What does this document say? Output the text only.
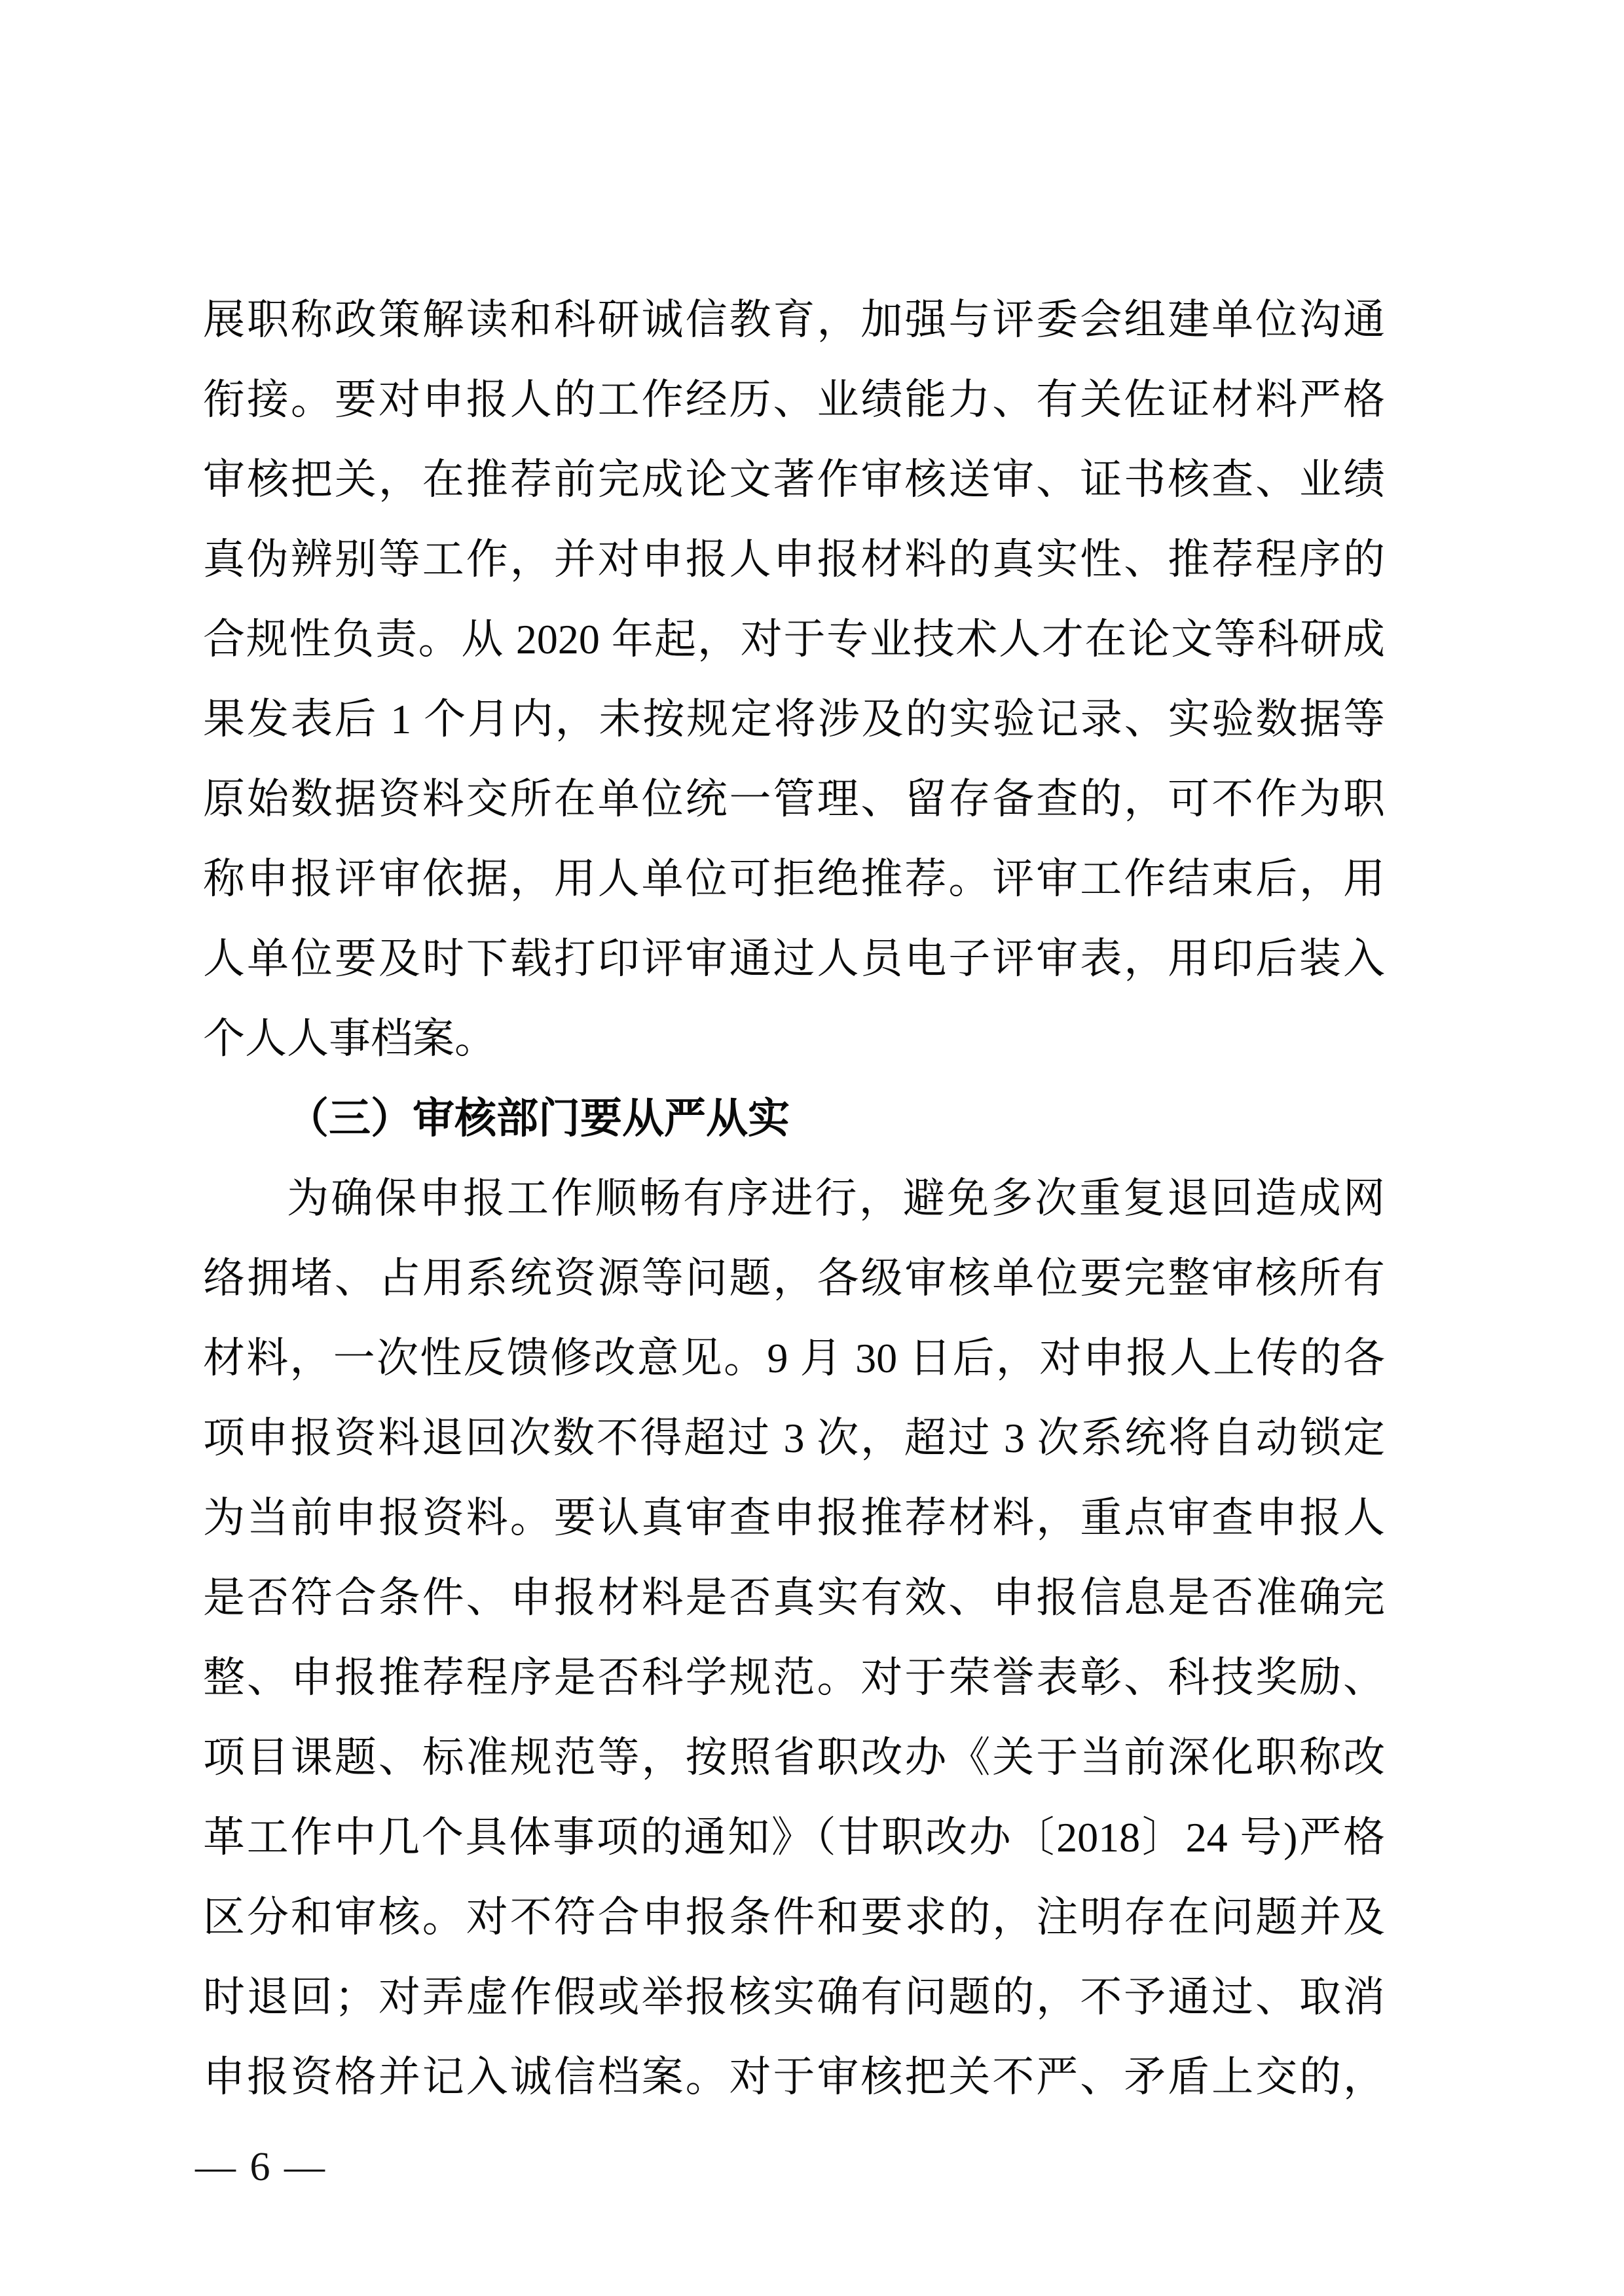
展职称政策解读和科研诚信教育，加强与评委会组建单位沟通
衔接。要对申报人的工作经历、业绩能力、有关佐证材料严格
审核把关，在推荐前完成论文著作审核送审、证书核查、业绩
真伪辨别等工作，并对申报人申报材料的真实性、推荐程序的
合规性负责。从 2020 年起，对于专业技术人才在论文等科研成
果发表后 1 个月内，未按规定将涉及的实验记录、实验数据等
原始数据资料交所在单位统一管理、留存备查的，可不作为职
称申报评审依据，用人单位可拒绝推荐。评审工作结束后，用
人单位要及时下载打印评审通过人员电子评审表，用印后装入
个人人事档案。
（三）审核部门要从严从实
为确保申报工作顺畅有序进行，避免多次重复退回造成网
络拥堵、占用系统资源等问题，各级审核单位要完整审核所有
材料，一次性反馈修改意见。9 月 30 日后，对申报人上传的各
项申报资料退回次数不得超过 3 次，超过 3 次系统将自动锁定
为当前申报资料。要认真审查申报推荐材料，重点审查申报人
是否符合条件、申报材料是否真实有效、申报信息是否准确完
整、申报推荐程序是否科学规范。对于荣誉表彰、科技奖励、
项目课题、标准规范等，按照省职改办《关于当前深化职称改
革工作中几个具体事项的通知》（甘职改办〔2018〕24 号)严格
区分和审核。对不符合申报条件和要求的，注明存在问题并及
时退回；对弄虚作假或举报核实确有问题的，不予通过、取消
申报资格并记入诚信档案。对于审核把关不严、矛盾上交的，
— 6 —
